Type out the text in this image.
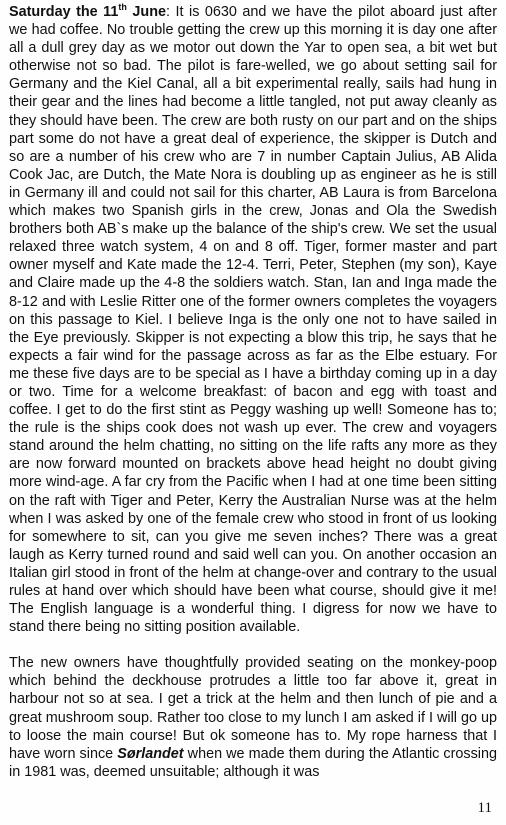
Saturday the 11th June: It is 0630 and we have the pilot aboard just after we had coffee. No trouble getting the crew up this morning it is day one after all a dull grey day as we motor out down the Yar to open sea, a bit wet but otherwise not so bad. The pilot is fare-welled, we go about setting sail for Germany and the Kiel Canal, all a bit experimental really, sails had hung in their gear and the lines had become a little tangled, not put away cleanly as they should have been. The crew are both rusty on our part and on the ships part some do not have a great deal of experience, the skipper is Dutch and so are a number of his crew who are 7 in number Captain Julius, AB Alida Cook Jac, are Dutch, the Mate Nora is doubling up as engineer as he is still in Germany ill and could not sail for this charter, AB Laura is from Barcelona which makes two Spanish girls in the crew, Jonas and Ola the Swedish brothers both AB`s make up the balance of the ship's crew. We set the usual relaxed three watch system, 4 on and 8 off. Tiger, former master and part owner myself and Kate made the 12-4. Terri, Peter, Stephen (my son), Kaye and Claire made up the 4-8 the soldiers watch. Stan, Ian and Inga made the 8-12 and with Leslie Ritter one of the former owners completes the voyagers on this passage to Kiel. I believe Inga is the only one not to have sailed in the Eye previously. Skipper is not expecting a blow this trip, he says that he expects a fair wind for the passage across as far as the Elbe estuary. For me these five days are to be special as I have a birthday coming up in a day or two. Time for a welcome breakfast: of bacon and egg with toast and coffee. I get to do the first stint as Peggy washing up well! Someone has to; the rule is the ships cook does not wash up ever. The crew and voyagers stand around the helm chatting, no sitting on the life rafts any more as they are now forward mounted on brackets above head height no doubt giving more wind-age. A far cry from the Pacific when I had at one time been sitting on the raft with Tiger and Peter, Kerry the Australian Nurse was at the helm when I was asked by one of the female crew who stood in front of us looking for somewhere to sit, can you give me seven inches? There was a great laugh as Kerry turned round and said well can you. On another occasion an Italian girl stood in front of the helm at change-over and contrary to the usual rules at hand over which should have been what course, should give it me! The English language is a wonderful thing. I digress for now we have to stand there being no sitting position available.

The new owners have thoughtfully provided seating on the monkey-poop which behind the deckhouse protrudes a little too far above it, great in harbour not so at sea. I get a trick at the helm and then lunch of pie and a great mushroom soup. Rather too close to my lunch I am asked if I will go up to loose the main course! But ok someone has to. My rope harness that I have worn since Sørlandet when we made them during the Atlantic crossing in 1981 was, deemed unsuitable; although it was

11
